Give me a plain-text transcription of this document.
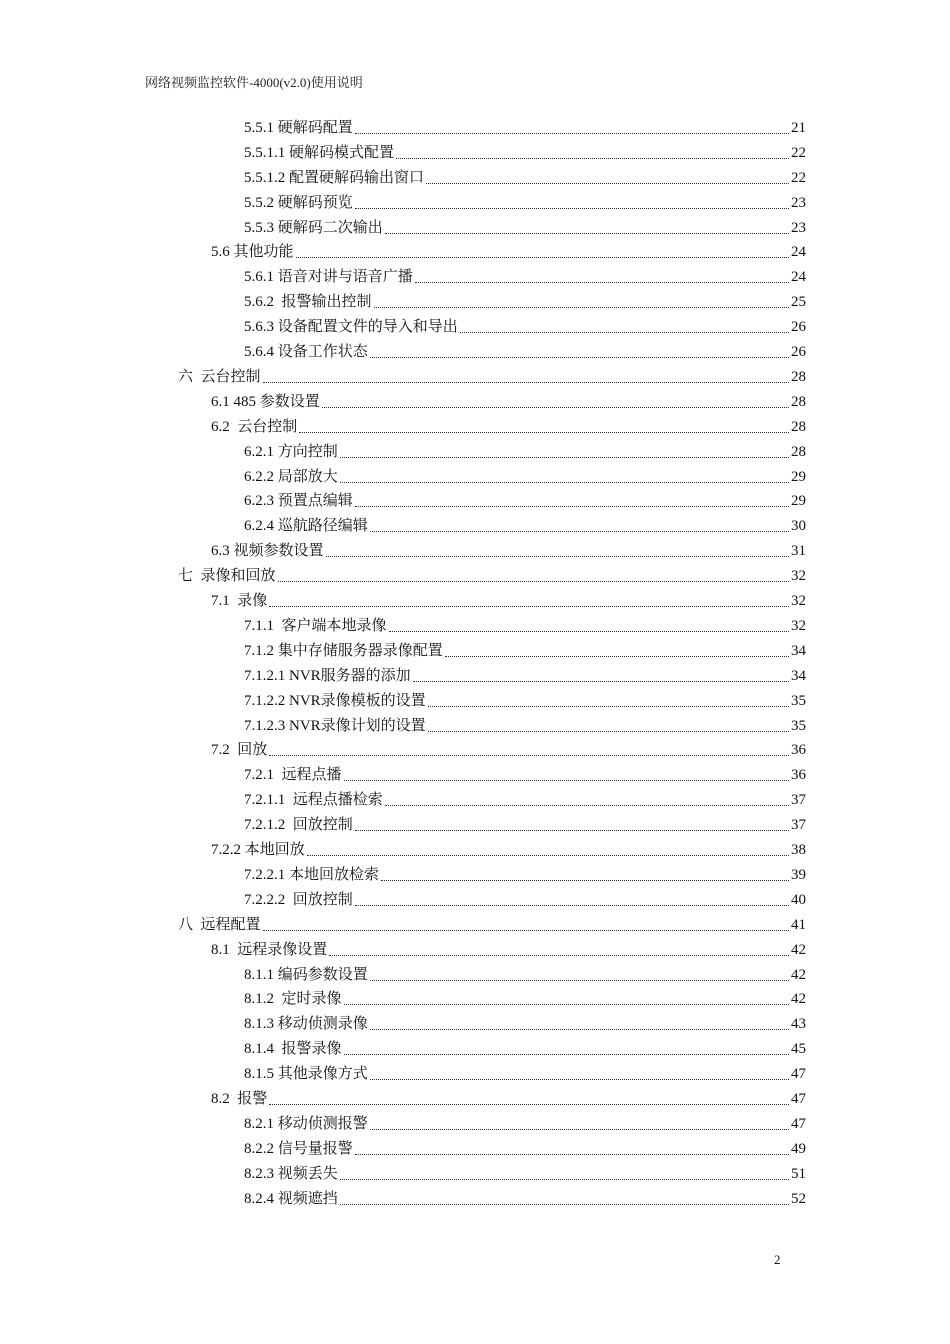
网络视频监控软件-4000(v2.0)使用说明
5.5.1 硬解码配置	21
5.5.1.1 硬解码模式配置	22
5.5.1.2 配置硬解码输出窗口	22
5.5.2 硬解码预览	23
5.5.3 硬解码二次输出	23
5.6 其他功能	24
5.6.1 语音对讲与语音广播	24
5.6.2  报警输出控制	25
5.6.3 设备配置文件的导入和导出	26
5.6.4 设备工作状态	26
六  云台控制	28
6.1 485 参数设置	28
6.2  云台控制	28
6.2.1 方向控制	28
6.2.2 局部放大	29
6.2.3 预置点编辑	29
6.2.4 巡航路径编辑	30
6.3 视频参数设置	31
七  录像和回放	32
7.1  录像	32
7.1.1  客户端本地录像	32
7.1.2 集中存储服务器录像配置	34
7.1.2.1 NVR服务器的添加	34
7.1.2.2 NVR录像模板的设置	35
7.1.2.3 NVR录像计划的设置	35
7.2  回放	36
7.2.1  远程点播	36
7.2.1.1  远程点播检索	37
7.2.1.2  回放控制	37
7.2.2 本地回放	38
7.2.2.1 本地回放检索	39
7.2.2.2  回放控制	40
八  远程配置	41
8.1  远程录像设置	42
8.1.1 编码参数设置	42
8.1.2  定时录像	42
8.1.3 移动侦测录像	43
8.1.4  报警录像	45
8.1.5 其他录像方式	47
8.2  报警	47
8.2.1 移动侦测报警	47
8.2.2 信号量报警	49
8.2.3 视频丢失	51
8.2.4 视频遮挡	52
2
